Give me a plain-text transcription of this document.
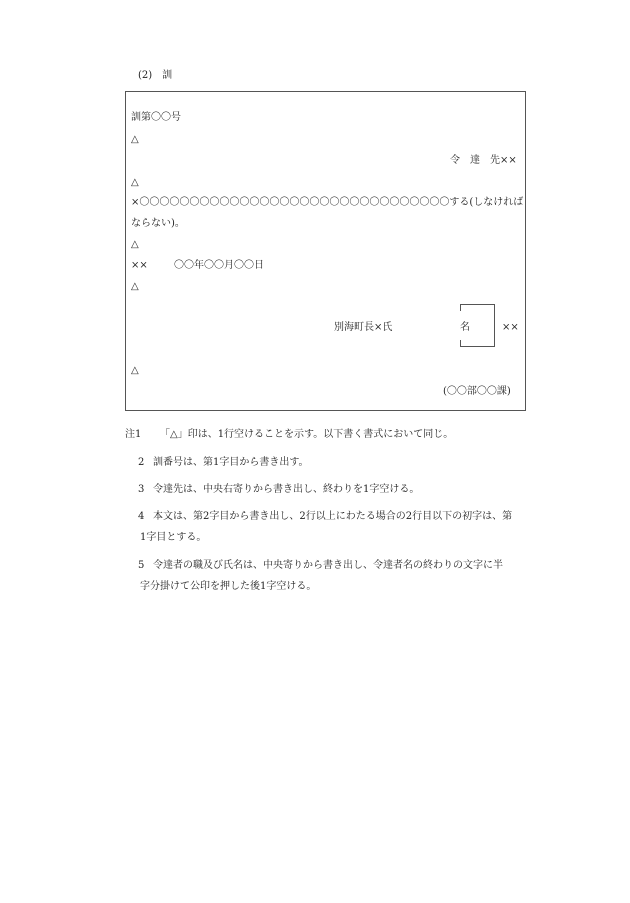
(2)　訓
訓第〇〇号
△
令　達　先××
△
×〇〇〇〇〇〇〇〇〇〇〇〇〇〇〇〇〇〇〇〇〇〇〇〇〇〇〇〇〇〇〇する(しなければ
ならない)。
△
××	〇〇年〇〇月〇〇日
△
別海町長×氏	名	××
△
(〇〇部〇〇課)
注1 「△」印は、1行空けることを示す。以下書く書式において同じ。
2 訓番号は、第1字目から書き出す。
3 令達先は、中央右寄りから書き出し、終わりを1字空ける。
4 本文は、第2字目から書き出し、2行以上にわたる場合の2行目以下の初字は、第
1字目とする。
5 令達者の職及び氏名は、中央寄りから書き出し、令達者名の終わりの文字に半
字分掛けて公印を押した後1字空ける。
